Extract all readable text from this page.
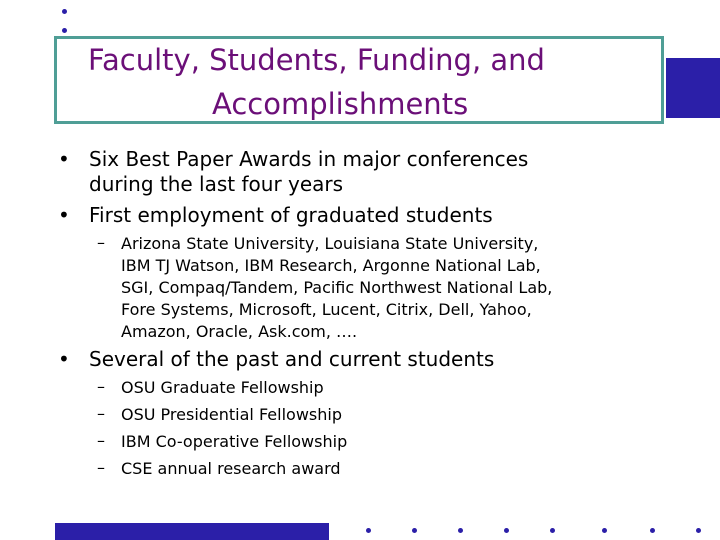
Faculty, Students, Funding, and
Accomplishments
• Six Best Paper Awards in major conferences
during the last four years
• First employment of graduated students
– Arizona State University, Louisiana State University,
IBM TJ Watson, IBM Research, Argonne National Lab,
SGI, Compaq/Tandem, Pacific Northwest National Lab,
Fore Systems, Microsoft, Lucent, Citrix, Dell, Yahoo,
Amazon, Oracle, Ask.com, ….
• Several of the past and current students
– OSU Graduate Fellowship
– OSU Presidential Fellowship
– IBM Co-operative Fellowship
– CSE annual research award
